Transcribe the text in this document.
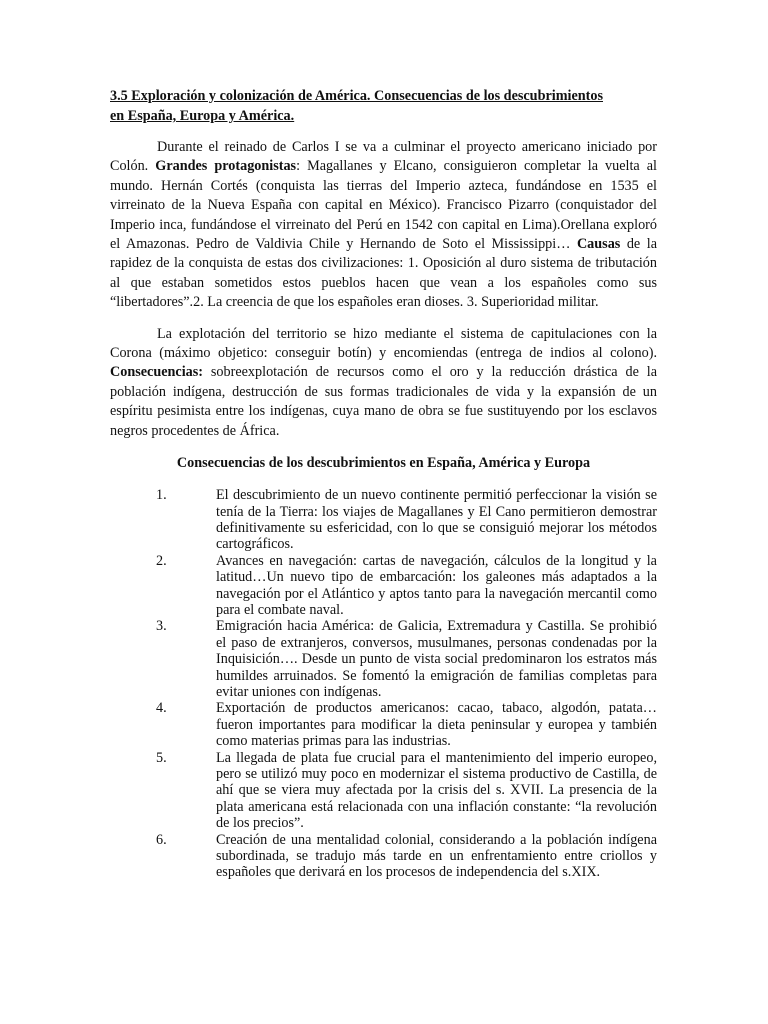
3.5 Exploración y colonización de América. Consecuencias de los descubrimientos
en España, Europa y América.

Durante el reinado de Carlos I se va a culminar el proyecto americano iniciado por Colón. Grandes protagonistas: Magallanes y Elcano, consiguieron completar la vuelta al mundo. Hernán Cortés (conquista las tierras del Imperio azteca, fundándose en 1535 el virreinato de la Nueva España con capital en México). Francisco Pizarro (conquistador del Imperio inca, fundándose el virreinato del Perú en 1542 con capital en Lima).Orellana exploró el Amazonas. Pedro de Valdivia Chile y Hernando de Soto el Mississippi… Causas de la rapidez de la conquista de estas dos civilizaciones: 1. Oposición al duro sistema de tributación al que estaban sometidos estos pueblos hacen que vean a los españoles como sus “libertadores”.2. La creencia de que los españoles eran dioses. 3. Superioridad militar.

La explotación del territorio se hizo mediante el sistema de capitulaciones con la Corona (máximo objetico: conseguir botín) y encomiendas (entrega de indios al colono). Consecuencias: sobreexplotación de recursos como el oro y la reducción drástica de la población indígena, destrucción de sus formas tradicionales de vida y la expansión de un espíritu pesimista entre los indígenas, cuya mano de obra se fue sustituyendo por los esclavos negros procedentes de África.

Consecuencias de los descubrimientos en España, América y Europa

1.	El descubrimiento de un nuevo continente permitió perfeccionar la visión se tenía de la Tierra: los viajes de Magallanes y El Cano permitieron demostrar definitivamente su esfericidad, con lo que se consiguió mejorar los métodos cartográficos.
2.	Avances en navegación: cartas de navegación, cálculos de la longitud y la latitud…Un nuevo tipo de embarcación: los galeones más adaptados a la navegación por el Atlántico y aptos tanto para la navegación mercantil como para el combate naval.
3.	Emigración hacia América: de Galicia, Extremadura y Castilla. Se prohibió el paso de extranjeros, conversos, musulmanes, personas condenadas por la Inquisición…. Desde un punto de vista social predominaron los estratos más humildes arruinados. Se fomentó la emigración de familias completas para evitar uniones con indígenas.
4.	Exportación de productos americanos: cacao, tabaco, algodón, patata…fueron importantes para modificar la dieta peninsular y europea y también como materias primas para las industrias.
5.	La llegada de plata fue crucial para el mantenimiento del imperio europeo, pero se utilizó muy poco en modernizar el sistema productivo de Castilla, de ahí que se viera muy afectada por la crisis del s. XVII. La presencia de la plata americana está relacionada con una inflación constante: “la revolución de los precios”.
6.	Creación de una mentalidad colonial, considerando a la población indígena subordinada, se tradujo más tarde en un enfrentamiento entre criollos y españoles que derivará en los procesos de independencia del s.XIX.
